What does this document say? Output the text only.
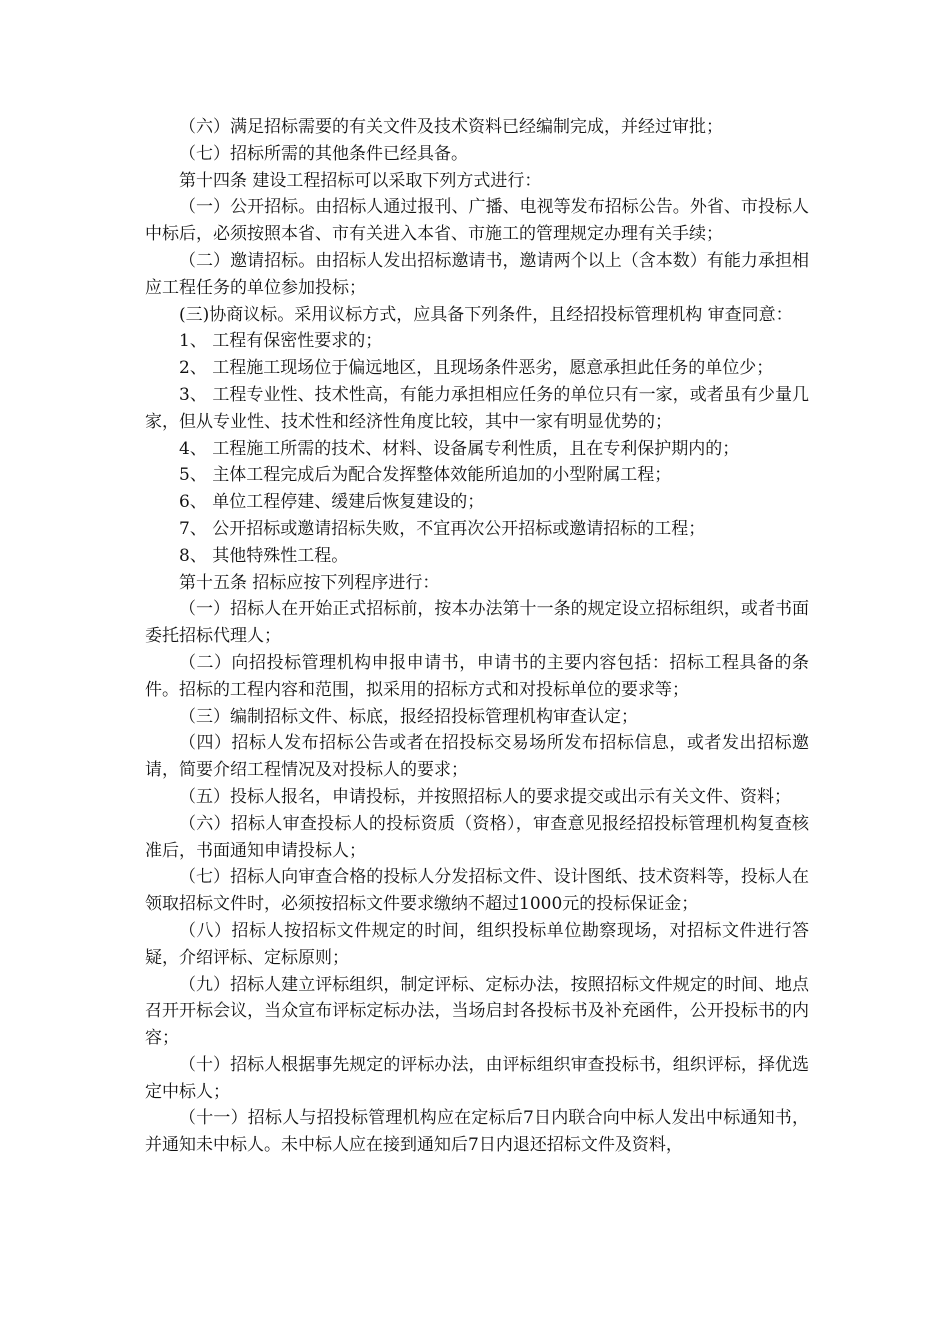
（六）满足招标需要的有关文件及技术资料已经编制完成，并经过审批；

（七）招标所需的其他条件已经具备。

第十四条 建设工程招标可以采取下列方式进行：

（一）公开招标。由招标人通过报刊、广播、电视等发布招标公告。外省、市投标人中标后，必须按照本省、市有关进入本省、市施工的管理规定办理有关手续；

（二）邀请招标。由招标人发出招标邀请书，邀请两个以上（含本数）有能力承担相应工程任务的单位参加投标；

(三)协商议标。采用议标方式，应具备下列条件，且经招投标管理机构 审查同意：

1、 工程有保密性要求的；

2、 工程施工现场位于偏远地区，且现场条件恶劣，愿意承担此任务的单位少；

3、 工程专业性、技术性高，有能力承担相应任务的单位只有一家，或者虽有少量几家，但从专业性、技术性和经济性角度比较，其中一家有明显优势的；

4、 工程施工所需的技术、材料、设备属专利性质，且在专利保护期内的；

5、 主体工程完成后为配合发挥整体效能所追加的小型附属工程；

6、 单位工程停建、缓建后恢复建设的；

7、 公开招标或邀请招标失败，不宜再次公开招标或邀请招标的工程；

8、 其他特殊性工程。

第十五条 招标应按下列程序进行：

（一）招标人在开始正式招标前，按本办法第十一条的规定设立招标组织，或者书面委托招标代理人；

（二）向招投标管理机构申报申请书，申请书的主要内容包括：招标工程具备的条件。招标的工程内容和范围，拟采用的招标方式和对投标单位的要求等；

（三）编制招标文件、标底，报经招投标管理机构审查认定；

（四）招标人发布招标公告或者在招投标交易场所发布招标信息，或者发出招标邀请，简要介绍工程情况及对投标人的要求；

（五）投标人报名，申请投标，并按照招标人的要求提交或出示有关文件、资料；

（六）招标人审查投标人的投标资质（资格），审查意见报经招投标管理机构复查核准后，书面通知申请投标人；

（七）招标人向审查合格的投标人分发招标文件、设计图纸、技术资料等，投标人在领取招标文件时，必须按招标文件要求缴纳不超过1000元的投标保证金；

（八）招标人按招标文件规定的时间，组织投标单位勘察现场，对招标文件进行答疑，介绍评标、定标原则；

（九）招标人建立评标组织，制定评标、定标办法，按照招标文件规定的时间、地点召开开标会议，当众宣布评标定标办法，当场启封各投标书及补充函件，公开投标书的内容；

（十）招标人根据事先规定的评标办法，由评标组织审查投标书，组织评标，择优选定中标人；

（十一）招标人与招投标管理机构应在定标后7日内联合向中标人发出中标通知书，并通知未中标人。未中标人应在接到通知后7日内退还招标文件及资料，
